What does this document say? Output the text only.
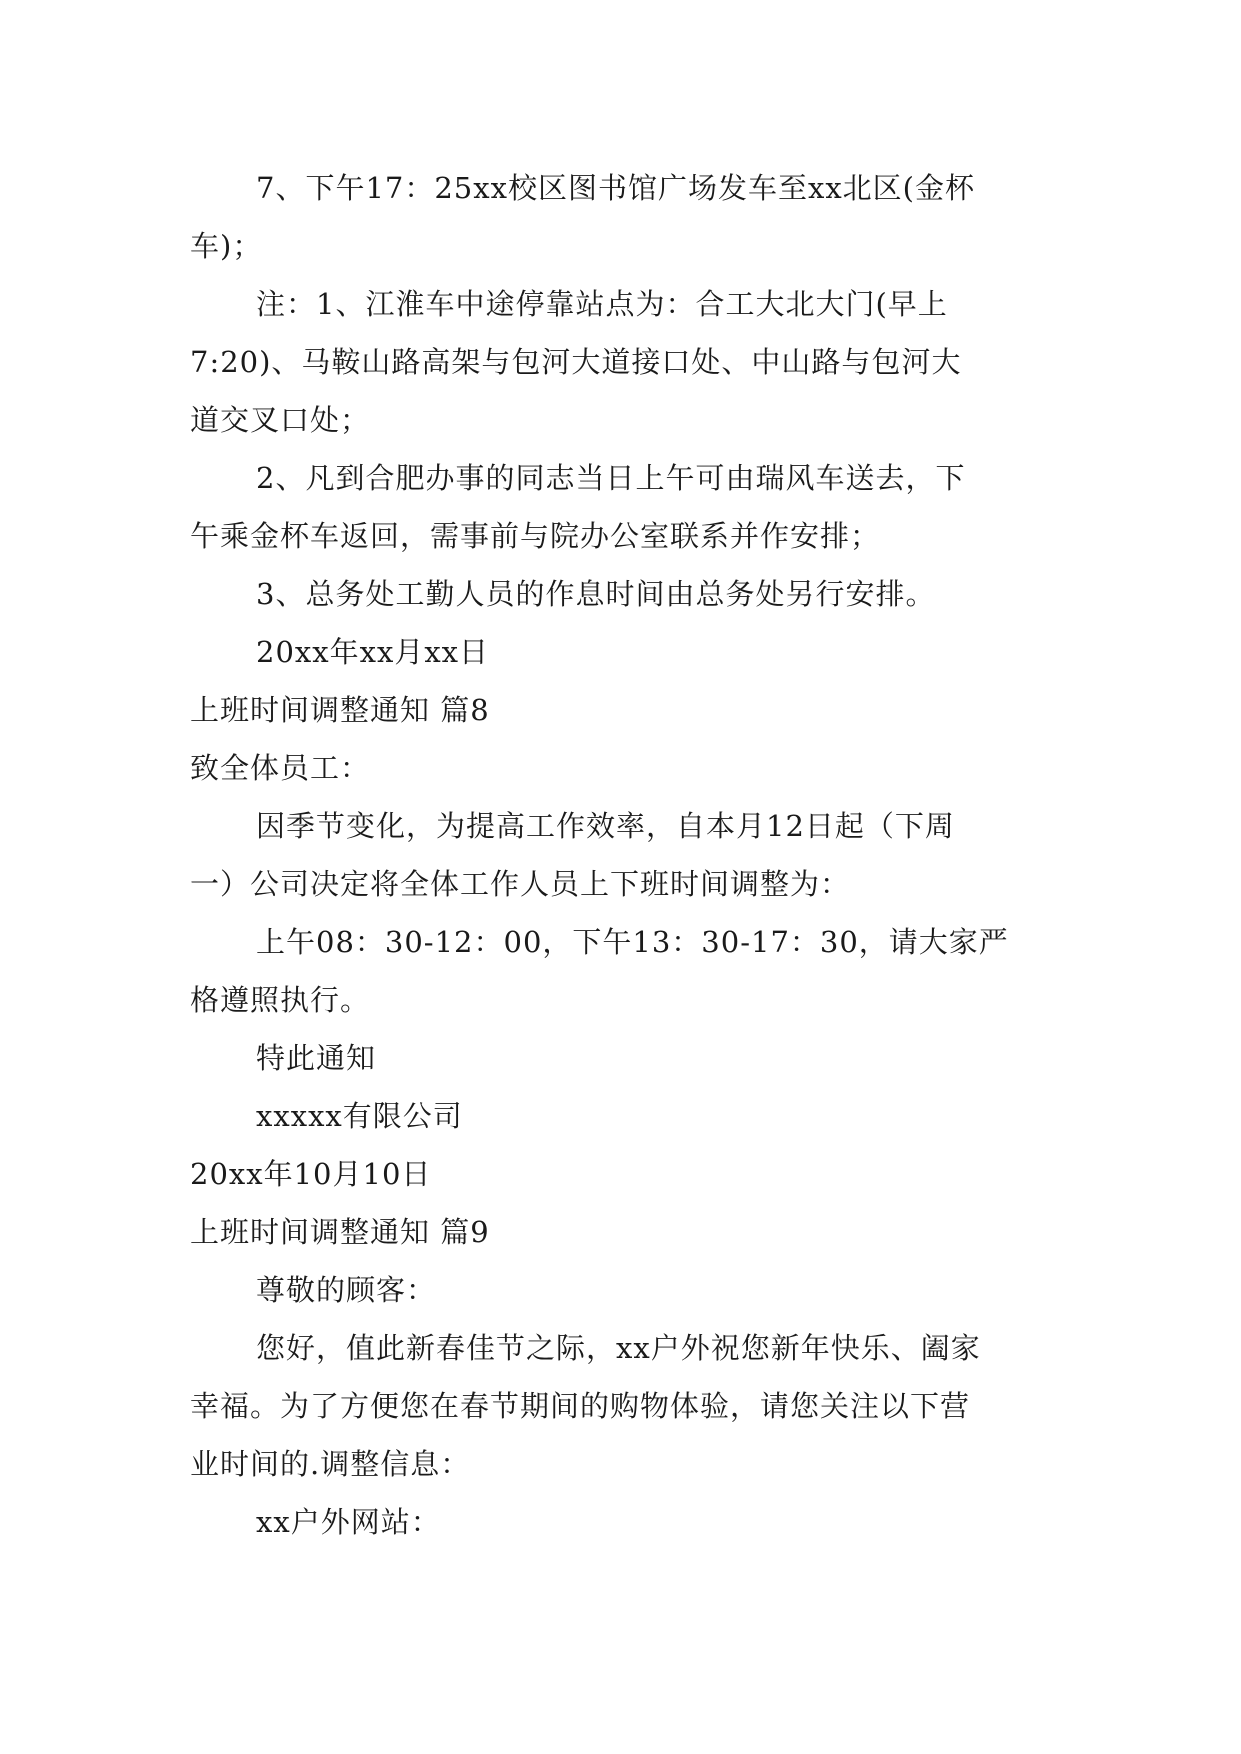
7、下午17：25xx校区图书馆广场发车至xx北区(金杯
车)；
注：1、江淮车中途停靠站点为：合工大北大门(早上
7:20)、马鞍山路高架与包河大道接口处、中山路与包河大
道交叉口处；
2、凡到合肥办事的同志当日上午可由瑞风车送去，下
午乘金杯车返回，需事前与院办公室联系并作安排；
3、总务处工勤人员的作息时间由总务处另行安排。
20xx年xx月xx日
上班时间调整通知 篇8
致全体员工：
因季节变化，为提高工作效率，自本月12日起（下周
一）公司决定将全体工作人员上下班时间调整为：
上午08：30-12：00，下午13：30-17：30，请大家严
格遵照执行。
特此通知
xxxxx有限公司
20xx年10月10日
上班时间调整通知 篇9
尊敬的顾客：
您好，值此新春佳节之际，xx户外祝您新年快乐、阖家
幸福。为了方便您在春节期间的购物体验，请您关注以下营
业时间的.调整信息：
xx户外网站：
